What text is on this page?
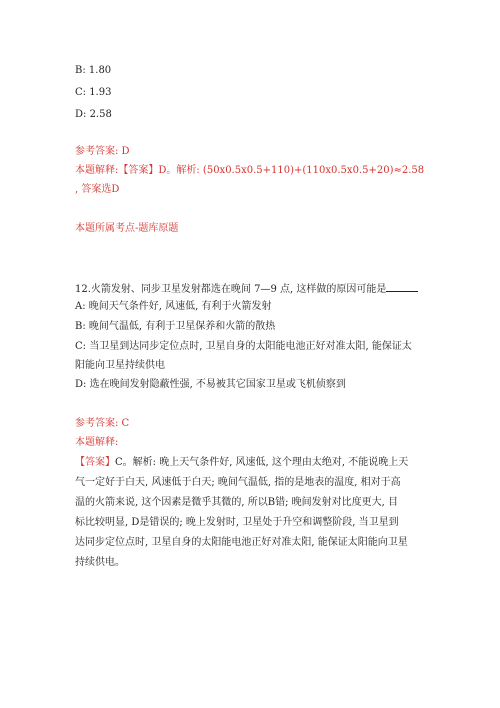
B: 1.80
C: 1.93
D: 2.58
参考答案: D
本题解释:【答案】D。解析: (50x0.5x0.5+110)+(110x0.5x0.5+20)≈2.58
, 答案选D
本题所属考点-题库原题
12.火箭发射、同步卫星发射都选在晚间 7—9 点, 这样做的原因可能是
A: 晚间天气条件好, 风速低, 有利于火箭发射
B: 晚间气温低, 有利于卫星保养和火箭的散热
C: 当卫星到达同步定位点时, 卫星自身的太阳能电池正好对准太阳, 能保证太
阳能向卫星持续供电
D: 选在晚间发射隐蔽性强, 不易被其它国家卫星或飞机侦察到
参考答案: C
本题解释:
【答案】C。解析: 晚上天气条件好, 风速低, 这个理由太绝对, 不能说晚上天
气一定好于白天, 风速低于白天; 晚间气温低, 指的是地表的温度, 相对于高
温的火箭来说, 这个因素是微乎其微的, 所以B错; 晚间发射对比度更大, 目
标比较明显, D是错误的; 晚上发射时, 卫星处于升空和调整阶段, 当卫星到
达同步定位点时, 卫星自身的太阳能电池正好对准太阳, 能保证太阳能向卫星
持续供电。
